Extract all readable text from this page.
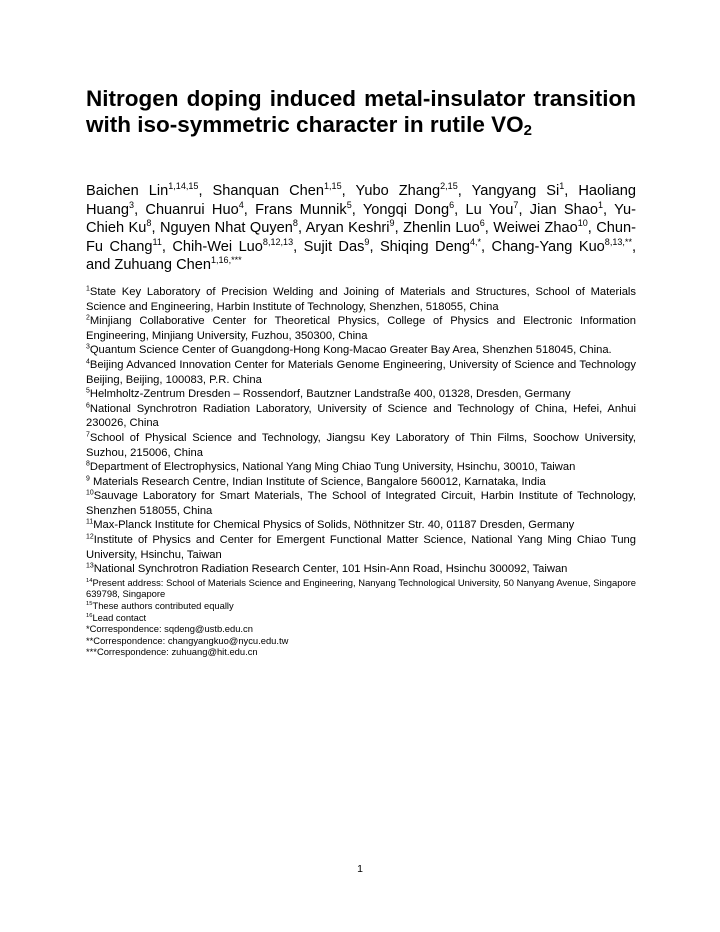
Nitrogen doping induced metal-insulator transition with iso-symmetric character in rutile $VO_2$
Baichen Lin$^{1,14,15}$, Shanquan Chen$^{1,15}$, Yubo Zhang$^{2,15}$, Yangyang Si$^1$, Haoliang Huang$^3$, Chuanrui Huo$^4$, Frans Munnik$^5$, Yongqi Dong$^6$, Lu You$^7$, Jian Shao$^1$, Yu-Chieh Ku$^8$, Nguyen Nhat Quyen$^8$, Aryan Keshri$^9$, Zhenlin Luo$^6$, Weiwei Zhao$^{10}$, Chun-Fu Chang$^{11}$, Chih-Wei Luo$^{8,12,13}$, Sujit Das$^9$, Shiqing Deng$^{4,*}$, Chang-Yang Kuo$^{8,13,**}$, and Zuhuang Chen$^{1,16,***}$

$^1$State Key Laboratory of Precision Welding and Joining of Materials and Structures, School of Materials Science and Engineering, Harbin Institute of Technology, Shenzhen, 518055, China

$^2$Minjiang Collaborative Center for Theoretical Physics, College of Physics and Electronic Information Engineering, Minjiang University, Fuzhou, 350300, China

$^3$Quantum Science Center of Guangdong-Hong Kong-Macao Greater Bay Area, Shenzhen 518045, China.

$^4$Beijing Advanced Innovation Center for Materials Genome Engineering, University of Science and Technology Beijing, Beijing, 100083, P.R. China

$^5$Helmholtz-Zentrum Dresden – Rossendorf, Bautzner Landstraße 400, 01328, Dresden, Germany

$^6$National Synchrotron Radiation Laboratory, University of Science and Technology of China, Hefei, Anhui 230026, China

$^7$School of Physical Science and Technology, Jiangsu Key Laboratory of Thin Films, Soochow University, Suzhou, 215006, China

$^8$Department of Electrophysics, National Yang Ming Chiao Tung University, Hsinchu, 30010, Taiwan

$^9$ Materials Research Centre, Indian Institute of Science, Bangalore 560012, Karnataka, India

$^{10}$Sauvage Laboratory for Smart Materials, The School of Integrated Circuit, Harbin Institute of Technology, Shenzhen 518055, China

$^{11}$Max-Planck Institute for Chemical Physics of Solids, Nöthnitzer Str. 40, 01187 Dresden, Germany

$^{12}$Institute of Physics and Center for Emergent Functional Matter Science, National Yang Ming Chiao Tung University, Hsinchu, Taiwan

$^{13}$National Synchrotron Radiation Research Center, 101 Hsin-Ann Road, Hsinchu 300092, Taiwan

$^{14}$Present address: School of Materials Science and Engineering, Nanyang Technological University, 50 Nanyang Avenue, Singapore 639798, Singapore

$^{15}$These authors contributed equally

$^{16}$Lead contact

*Correspondence: sqdeng@ustb.edu.cn

**Correspondence: changyangkuo@nycu.edu.tw

***Correspondence: zuhuang@hit.edu.cn

1
